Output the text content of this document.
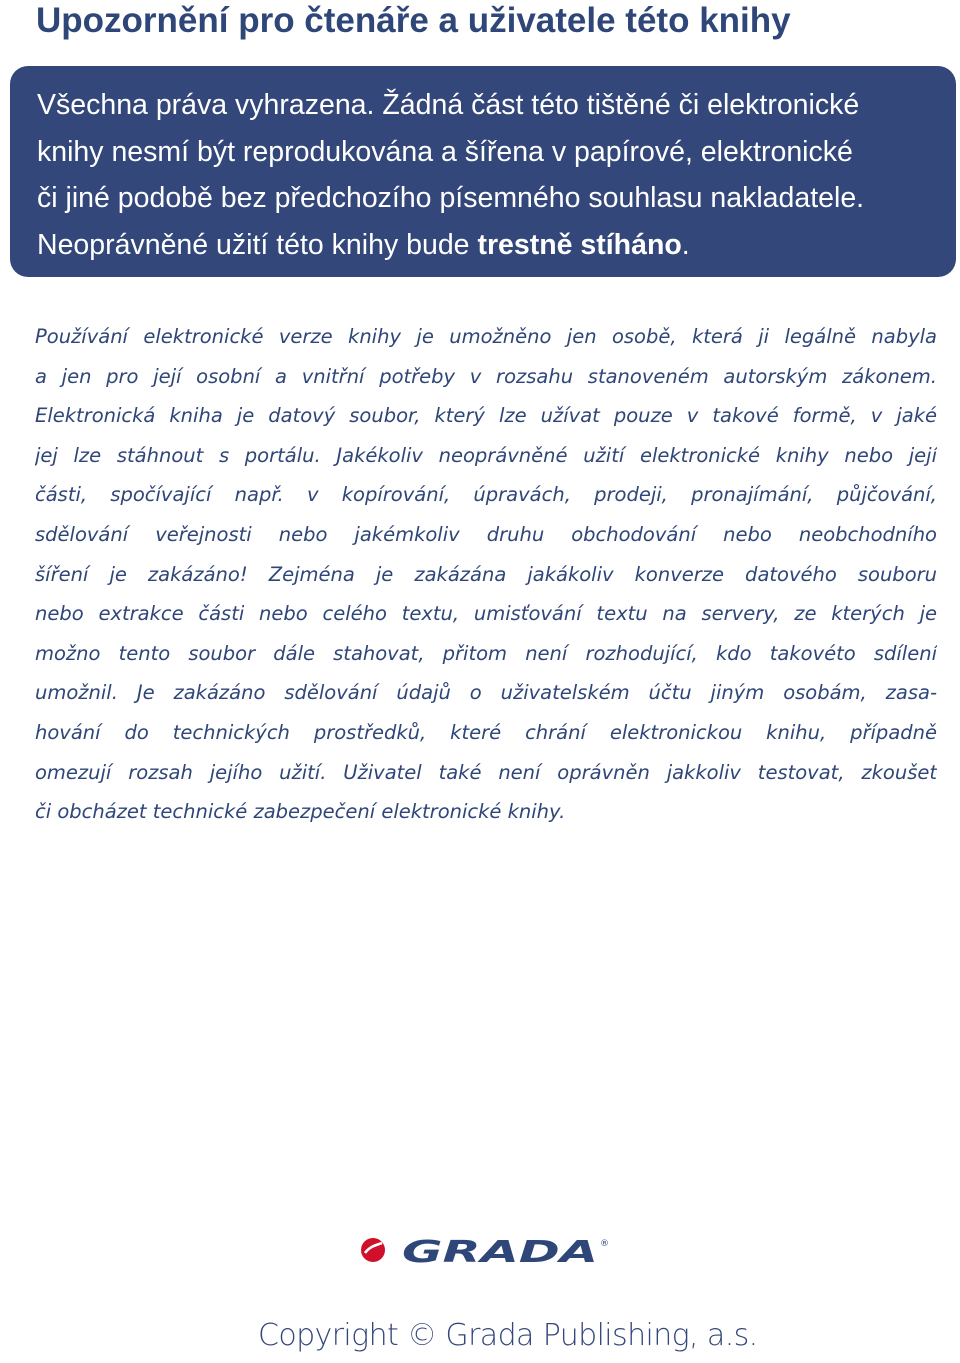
Upozornění pro čtenáře a uživatele této knihy
Všechna práva vyhrazena. Žádná část této tištěné či elektronické
knihy nesmí být reprodukována a šířena v papírové, elektronické
či jiné podobě bez předchozího písemného souhlasu nakladatele.
Neoprávněné užití této knihy bude trestně stíháno.
Používání elektronické verze knihy je umožněno jen osobě, která ji legálně nabyla
a jen pro její osobní a vnitřní potřeby v rozsahu stanoveném autorským zákonem.
Elektronická kniha je datový soubor, který lze užívat pouze v takové formě, v jaké
jej lze stáhnout s portálu. Jakékoliv neoprávněné užití elektronické knihy nebo její
části, spočívající např. v kopírování, úpravách, prodeji, pronajímání, půjčování,
sdělování veřejnosti nebo jakémkoliv druhu obchodování nebo neobchodního
šíření je zakázáno! Zejména je zakázána jakákoliv konverze datového souboru
nebo extrakce části nebo celého textu, umisťování textu na servery, ze kterých je
možno tento soubor dále stahovat, přitom není rozhodující, kdo takovéto sdílení
umožnil. Je zakázáno sdělování údajů o uživatelském účtu jiným osobám, zasa-
hování do technických prostředků, které chrání elektronickou knihu, případně
omezují rozsah jejího užití. Uživatel také není oprávněn jakkoliv testovat, zkoušet
či obcházet technické zabezpečení elektronické knihy.
GRADA ®
Copyright © Grada Publishing, a.s.
